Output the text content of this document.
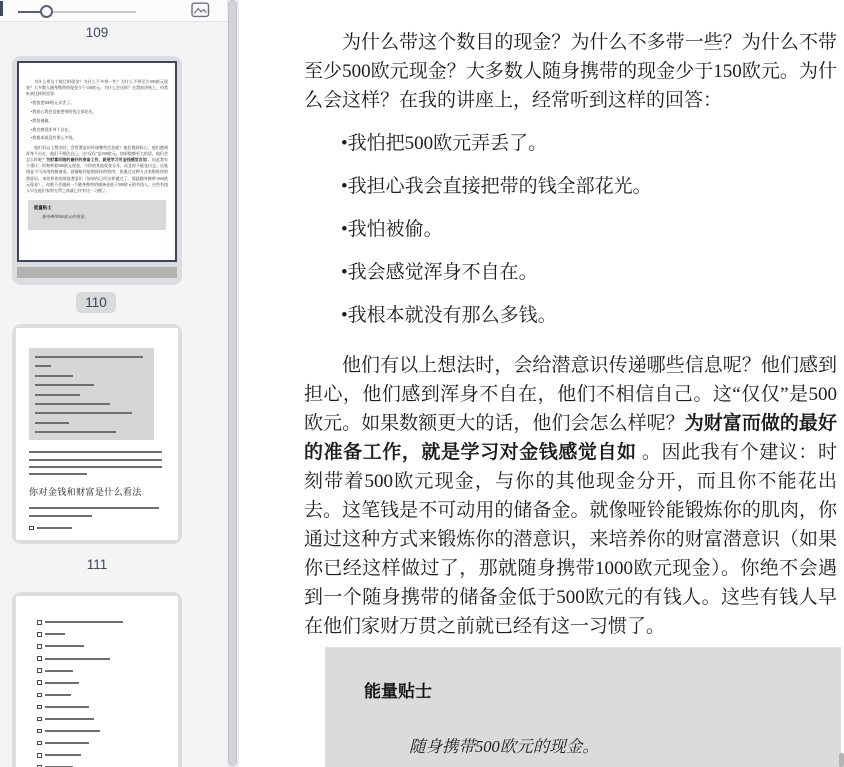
109
为什么带这个数目的现金？为什么不多带一些？为什么不带至少500欧元现金？大多数人随身携带的现金少于150欧元。为什么会这样？在我的讲座上，经常听到这样的回答：
•我怕把500欧元弄丢了。
•我担心我会直接把带的钱全部花光。
•我怕被偷。
•我会感觉浑身不自在。
•我根本就没有那么多钱。
他们有以上想法时，会给潜意识传递哪些信息呢？他们感到担心，他们感到浑身不自在，他们不相信自己。这“仅仅”是500欧元。如果数额更大的话，他们会怎么样呢？为财富而做的最好的准备工作，就是学习对金钱感觉自如 。因此我有个建议：时刻带着500欧元现金，与你的其他现金分开，而且你不能花出去。这笔钱是不可动用的储备金。就像哑铃能锻炼你的肌肉，你通过这种方式来锻炼你的潜意识，来培养你的财富潜意识（如果你已经这样做过了，那就随身携带1000欧元现金）。你绝不会遇到一个随身携带的储备金低于500欧元的有钱人。这些有钱人早在他们家财万贯之前就已经有这一习惯了。
能量贴士
随身携带500欧元的现金。
110
你对金钱和财富是什么看法
111
为什么带这个数目的现金？为什么不多带一些？为什么不带至少500欧元现金？大多数人随身携带的现金少于150欧元。为什么会这样？在我的讲座上，经常听到这样的回答：
•我怕把500欧元弄丢了。
•我担心我会直接把带的钱全部花光。
•我怕被偷。
•我会感觉浑身不自在。
•我根本就没有那么多钱。
他们有以上想法时，会给潜意识传递哪些信息呢？他们感到担心，他们感到浑身不自在，他们不相信自己。这“仅仅”是500欧元。如果数额更大的话，他们会怎么样呢？为财富而做的最好的准备工作，就是学习对金钱感觉自如 。因此我有个建议：时刻带着500欧元现金，与你的其他现金分开，而且你不能花出去。这笔钱是不可动用的储备金。就像哑铃能锻炼你的肌肉，你通过这种方式来锻炼你的潜意识，来培养你的财富潜意识（如果你已经这样做过了，那就随身携带1000欧元现金）。你绝不会遇到一个随身携带的储备金低于500欧元的有钱人。这些有钱人早在他们家财万贯之前就已经有这一习惯了。
能量贴士
随身携带500欧元的现金。
